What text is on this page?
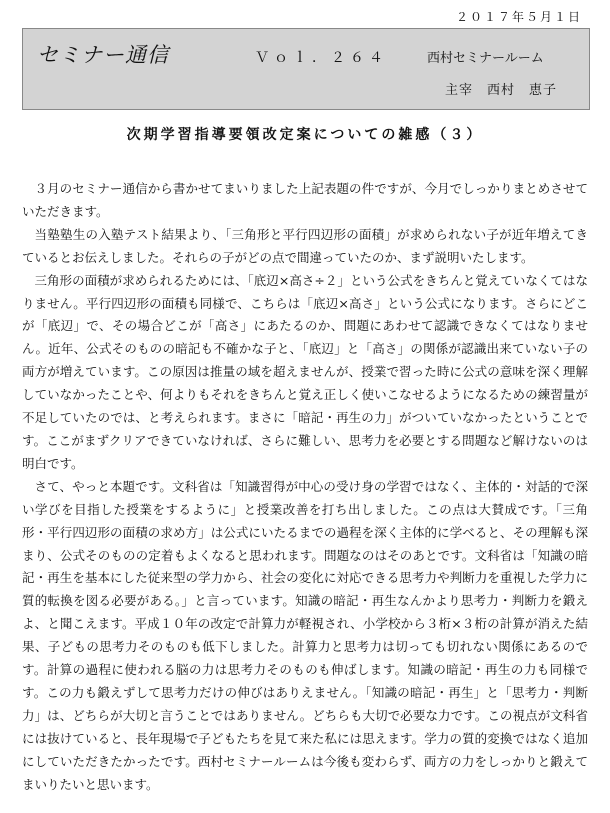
２０１７年５月１日
セミナー通信	Ｖｏｌ．２６４	西村セミナールーム
主宰　西村　恵子
次期学習指導要領改定案についての雑感（３）

３月のセミナー通信から書かせてまいりました上記表題の件ですが、今月でしっかりまとめさせていただきます。

当塾塾生の入塾テスト結果より、「三角形と平行四辺形の面積」が求められない子が近年増えてきているとお伝えしました。それらの子がどの点で間違っていたのか、まず説明いたします。

三角形の面積が求められるためには、「底辺×高さ÷２」という公式をきちんと覚えていなくてはなりません。平行四辺形の面積も同様で、こちらは「底辺×高さ」という公式になります。さらにどこが「底辺」で、その場合どこが「高さ」にあたるのか、問題にあわせて認識できなくてはなりません。近年、公式そのものの暗記も不確かな子と、「底辺」と「高さ」の関係が認識出来ていない子の両方が増えています。この原因は推量の域を超えませんが、授業で習った時に公式の意味を深く理解していなかったことや、何よりもそれをきちんと覚え正しく使いこなせるようになるための練習量が不足していたのでは、と考えられます。まさに「暗記・再生の力」がついていなかったということです。ここがまずクリアできていなければ、さらに難しい、思考力を必要とする問題など解けないのは明白です。

さて、やっと本題です。文科省は「知識習得が中心の受け身の学習ではなく、主体的・対話的で深い学びを目指した授業をするように」と授業改善を打ち出しました。この点は大賛成です。「三角形・平行四辺形の面積の求め方」は公式にいたるまでの過程を深く主体的に学べると、その理解も深まり、公式そのものの定着もよくなると思われます。問題なのはそのあとです。文科省は「知識の暗記・再生を基本にした従来型の学力から、社会の変化に対応できる思考力や判断力を重視した学力に質的転換を図る必要がある。」と言っています。知識の暗記・再生なんかより思考力・判断力を鍛えよ、と聞こえます。平成１０年の改定で計算力が軽視され、小学校から３桁×３桁の計算が消えた結果、子どもの思考力そのものも低下しました。計算力と思考力は切っても切れない関係にあるのです。計算の過程に使われる脳の力は思考力そのものも伸ばします。知識の暗記・再生の力も同様です。この力も鍛えずして思考力だけの伸びはありえません。「知識の暗記・再生」と「思考力・判断力」は、どちらが大切と言うことではありません。どちらも大切で必要な力です。この視点が文科省には抜けていると、長年現場で子どもたちを見て来た私には思えます。学力の質的変換ではなく追加にしていただきたかったです。西村セミナールームは今後も変わらず、両方の力をしっかりと鍛えてまいりたいと思います。
